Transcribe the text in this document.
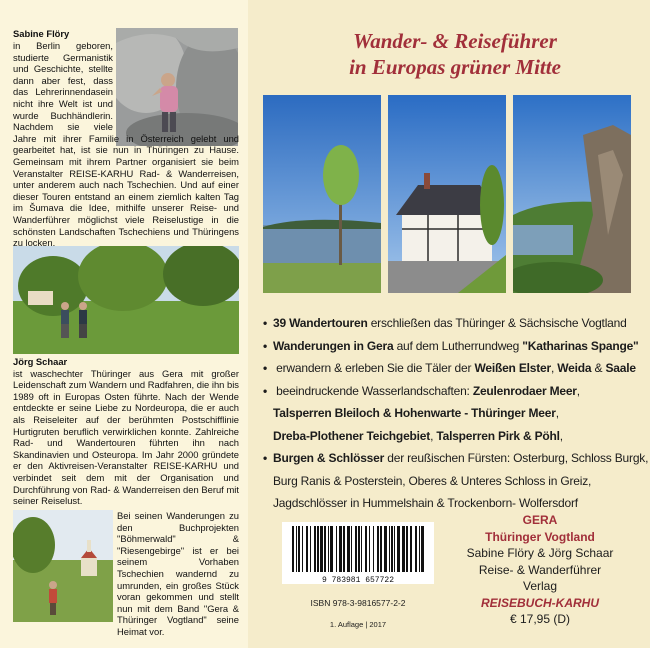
Sabine Flöry
in Berlin geboren, studierte Germanistik und Geschichte, stellte dann aber fest, dass das Lehrerinnendasein nicht ihre Welt ist und wurde Buchhändlerin. Nachdem sie viele Jahre mit ihrer Familie in Österreich gelebt und gearbeitet hat, ist sie nun in Thüringen zu Hause. Gemeinsam mit ihrem Partner organisiert sie beim Veranstalter REISE-KARHU Rad- & Wanderreisen, unter anderem auch nach Tschechien. Und auf einer dieser Touren entstand an einem ziemlich kalten Tag im Šumava die Idee, mithilfe unserer Reise- und Wanderführer möglichst viele Reiselustige in die schönsten Landschaften Tschechiens und Thüringens zu locken.
Jörg Schaar
ist waschechter Thüringer aus Gera mit großer Leidenschaft zum Wandern und Radfahren, die ihn bis 1989 oft in Europas Osten führte. Nach der Wende entdeckte er seine Liebe zu Nordeuropa, die er auch als Reiseleiter auf der berühmten Postschifflinie Hurtigruten beruflich verwirklichen konnte. Zahlreiche Rad- und Wandertouren führten ihn nach Skandinavien und Osteuropa. Im Jahr 2000 gründete er den Aktivreisen-Veranstalter REISE-KARHU und verbindet seit dem mit der Organisation und Durchführung von Rad- & Wanderreisen den Beruf mit seiner Reiselust.
Bei seinen Wanderungen zu den Buchprojekten "Böhmerwald" & "Riesengebirge" ist er bei seinem Vorhaben Tschechien wandernd zu umrunden, ein großes Stück voran gekommen und stellt nun mit dem Band "Gera & Thüringer Vogtland" seine Heimat vor.
Wander- & Reiseführer
in Europas grüner Mitte
• 39 Wandertouren erschließen das Thüringer & Sächsische Vogtland
• Wanderungen in Gera auf dem Lutherrundweg "Katharinas Spange"
• erwandern & erleben Sie die Täler der Weißen Elster, Weida & Saale
• beeindruckende Wasserlandschaften: Zeulenrodaer Meer,
Talsperren Bleiloch & Hohenwarte - Thüringer Meer,
Dreba-Plothener Teichgebiet, Talsperren Pirk & Pöhl,
• Burgen & Schlösser der reußischen Fürsten: Osterburg, Schloss Burgk,
Burg Ranis & Posterstein, Oberes & Unteres Schloss in Greiz,
Jagdschlösser in Hummelshain & Trockenborn- Wolfersdorf
9 783981 657722
ISBN 978-3-9816577-2-2
1. Auflage | 2017
GERA
Thüringer Vogtland
Sabine Flöry & Jörg Schaar
Reise- & Wanderführer
Verlag
REISEBUCH-KARHU
€ 17,95 (D)
